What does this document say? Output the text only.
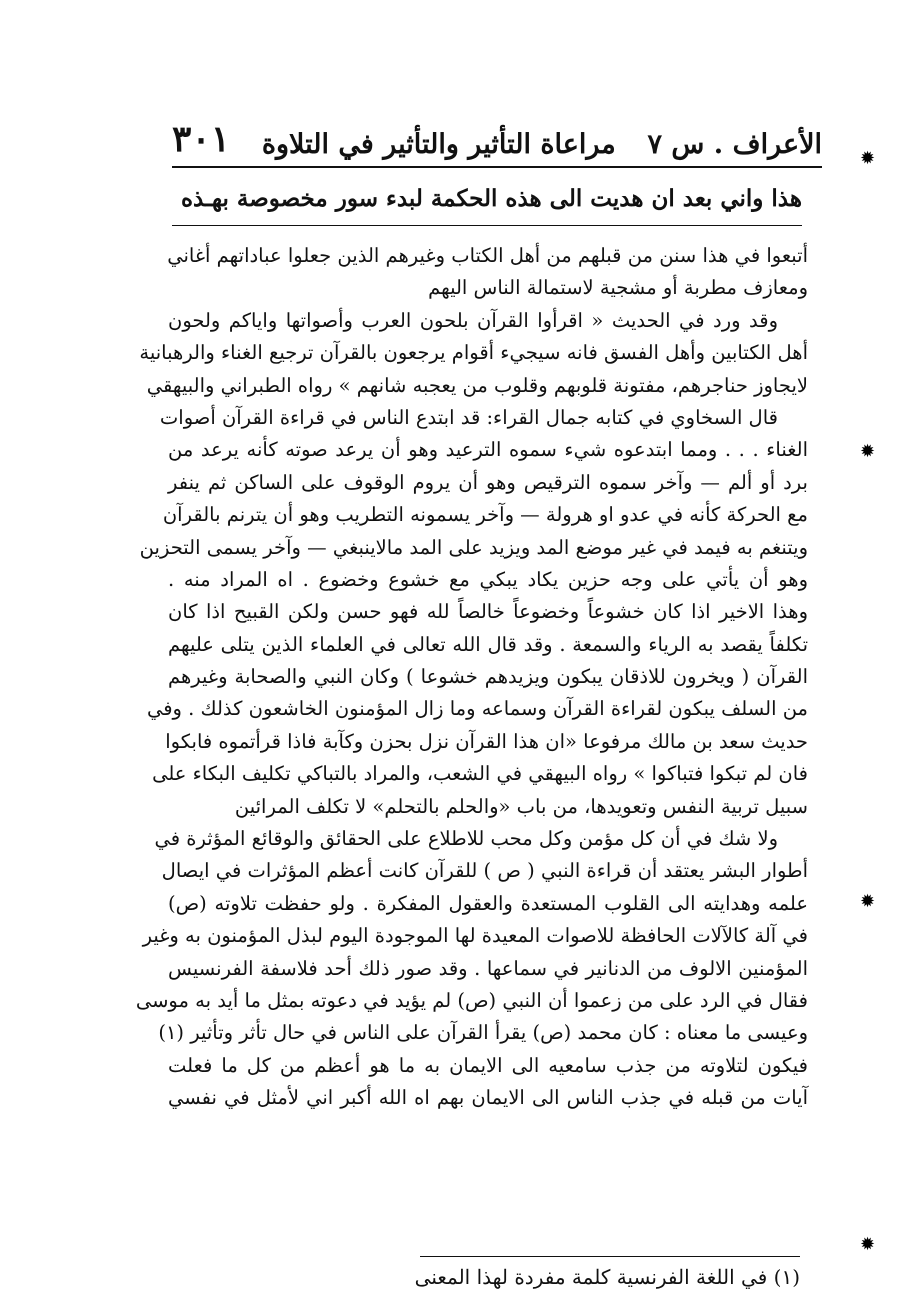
الأعراف . س ٧
مراعاة التأثير والتأثير في التلاوة
٣٠١
هذا واني بعد ان هديت الى هذه الحكمة لبدء سور مخصوصة بهـذه
أتبعوا في هذا سنن من قبلهم من أهل الكتاب وغيرهم الذين جعلوا عباداتهم أغاني
ومعازف مطربة أو مشجية لاستمالة الناس اليهم
وقد ورد في الحديث « اقرأوا القرآن بلحون العرب وأصواتها واياكم ولحون
أهل الكتابين وأهل الفسق فانه سيجيء أقوام يرجعون بالقرآن ترجيع الغناء والرهبانية
لايجاوز حناجرهم، مفتونة قلوبهم وقلوب من يعجبه شانهم » رواه الطبراني والبيهقي
قال السخاوي في كتابه جمال القراء: قد ابتدع الناس في قراءة القرآن أصوات
الغناء . . . ومما ابتدعوه شيء سموه الترعيد وهو أن يرعد صوته كأنه يرعد من
برد أو ألم — وآخر سموه الترقيص وهو أن يروم الوقوف على الساكن ثم ينفر
مع الحركة كأنه في عدو او هرولة — وآخر يسمونه التطريب وهو أن يترنم بالقرآن
ويتنغم به فيمد في غير موضع المد ويزيد على المد مالاينبغي — وآخر يسمى التحزين
وهو أن يأتي على وجه حزين يكاد يبكي مع خشوع وخضوع . اه المراد منه .
وهذا الاخير اذا كان خشوعاً وخضوعاً خالصاً لله فهو حسن ولكن القبيح اذا كان
تكلفاً يقصد به الرياء والسمعة . وقد قال الله تعالى في العلماء الذين يتلى عليهم
القرآن ( ويخرون للاذقان يبكون ويزيدهم خشوعا ) وكان النبي والصحابة وغيرهم
من السلف يبكون لقراءة القرآن وسماعه وما زال المؤمنون الخاشعون كذلك . وفي
حديث سعد بن مالك مرفوعا «ان هذا القرآن نزل بحزن وكآبة فاذا قرأتموه فابكوا
فان لم تبكوا فتباكوا » رواه البيهقي في الشعب، والمراد بالتباكي تكليف البكاء على
سبيل تربية النفس وتعويدها، من باب «والحلم بالتحلم» لا تكلف المرائين
ولا شك في أن كل مؤمن وكل محب للاطلاع على الحقائق والوقائع المؤثرة في
أطوار البشر يعتقد أن قراءة النبي ( ص ) للقرآن كانت أعظم المؤثرات في ايصال
علمه وهدايته الى القلوب المستعدة والعقول المفكرة . ولو حفظت تلاوته (ص)
في آلة كالآلات الحافظة للاصوات المعيدة لها الموجودة اليوم لبذل المؤمنون به وغير
المؤمنين الالوف من الدنانير في سماعها . وقد صور ذلك أحد فلاسفة الفرنسيس
فقال في الرد على من زعموا أن النبي (ص) لم يؤيد في دعوته بمثل ما أيد به موسى
وعيسى ما معناه : كان محمد (ص) يقرأ القرآن على الناس في حال تأثر وتأثير (١)
فيكون لتلاوته من جذب سامعيه الى الايمان به ما هو أعظم من كل ما فعلت
آيات من قبله في جذب الناس الى الايمان بهم اه الله أكبر اني لأمثل في نفسي
(١) في اللغة الفرنسية كلمة مفردة لهذا المعنى
✹
✹
✹
✹
